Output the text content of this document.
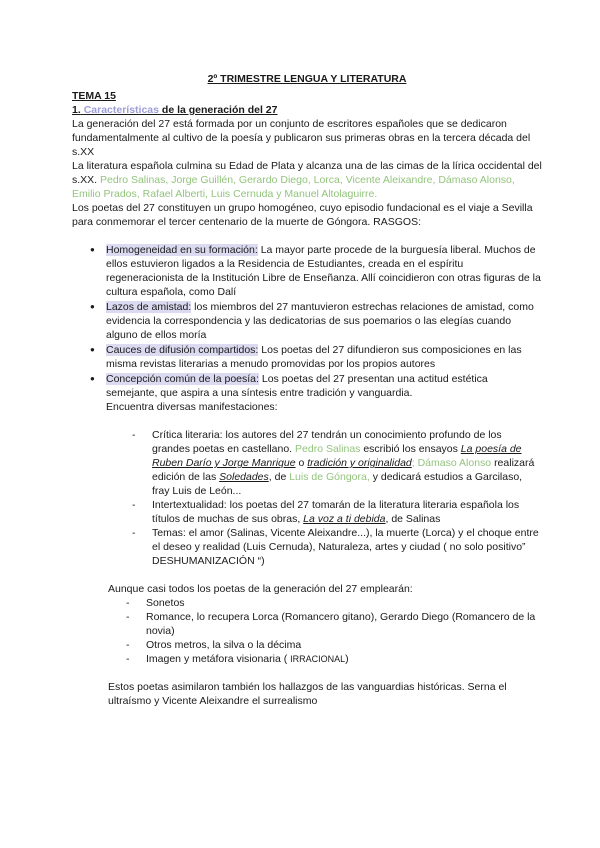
2º TRIMESTRE LENGUA Y LITERATURA
TEMA 15
1. Características de la generación del 27

La generación del 27 está formada por un conjunto de escritores españoles que se dedicaron fundamentalmente al cultivo de la poesía y publicaron sus primeras obras en la tercera década del s.XX

La literatura española culmina su Edad de Plata y alcanza una de las cimas de la lírica occidental del s.XX. Pedro Salinas, Jorge Guillén, Gerardo Diego, Lorca, Vicente Aleixandre, Dámaso Alonso, Emilio Prados, Rafael Alberti, Luis Cernuda y Manuel Altolaguirre.

Los poetas del 27 constituyen un grupo homogéneo, cuyo episodio fundacional es el viaje a Sevilla para conmemorar el tercer centenario de la muerte de Góngora. RASGOS:

● Homogeneidad en su formación: La mayor parte procede de la burguesía liberal. Muchos de ellos estuvieron ligados a la Residencia de Estudiantes, creada en el espíritu regeneracionista de la Institución Libre de Enseñanza. Allí coincidieron con otras figuras de la cultura española, como Dalí
● Lazos de amistad: los miembros del 27 mantuvieron estrechas relaciones de amistad, como evidencia la correspondencia y las dedicatorias de sus poemarios o las elegías cuando alguno de ellos moría
● Cauces de difusión compartidos: Los poetas del 27 difundieron sus composiciones en las misma revistas literarias a menudo promovidas por los propios autores
● Concepción común de la poesía: Los poetas del 27 presentan una actitud estética semejante, que aspira a una síntesis entre tradición y vanguardia.
Encuentra diversas manifestaciones:
- Crítica literaria: los autores del 27 tendrán un conocimiento profundo de los grandes poetas en castellano. Pedro Salinas escribió los ensayos La poesía de Ruben Darío y Jorge Manrique o tradición y originalidad; Dámaso Alonso realizará edición de las Soledades, de Luis de Góngora, y dedicará estudios a Garcilaso, fray Luis de León...
- Intertextualidad: los poetas del 27 tomarán de la literatura literaria española los títulos de muchas de sus obras, La voz a ti debida, de Salinas
- Temas: el amor (Salinas, Vicente Aleixandre...), la muerte (Lorca) y el choque entre el deseo y realidad (Luis Cernuda), Naturaleza, artes y ciudad ( no solo positivo” DESHUMANIZACIÓN “)

Aunque casi todos los poetas de la generación del 27 emplearán:

- Sonetos
- Romance, lo recupera Lorca (Romancero gitano), Gerardo Diego (Romancero de la novia)
- Otros metros, la silva o la décima
- Imagen y metáfora visionaria ( IRRACIONAL)

Estos poetas asimilaron también los hallazgos de las vanguardias históricas. Serna el ultraísmo y Vicente Aleixandre el surrealismo
